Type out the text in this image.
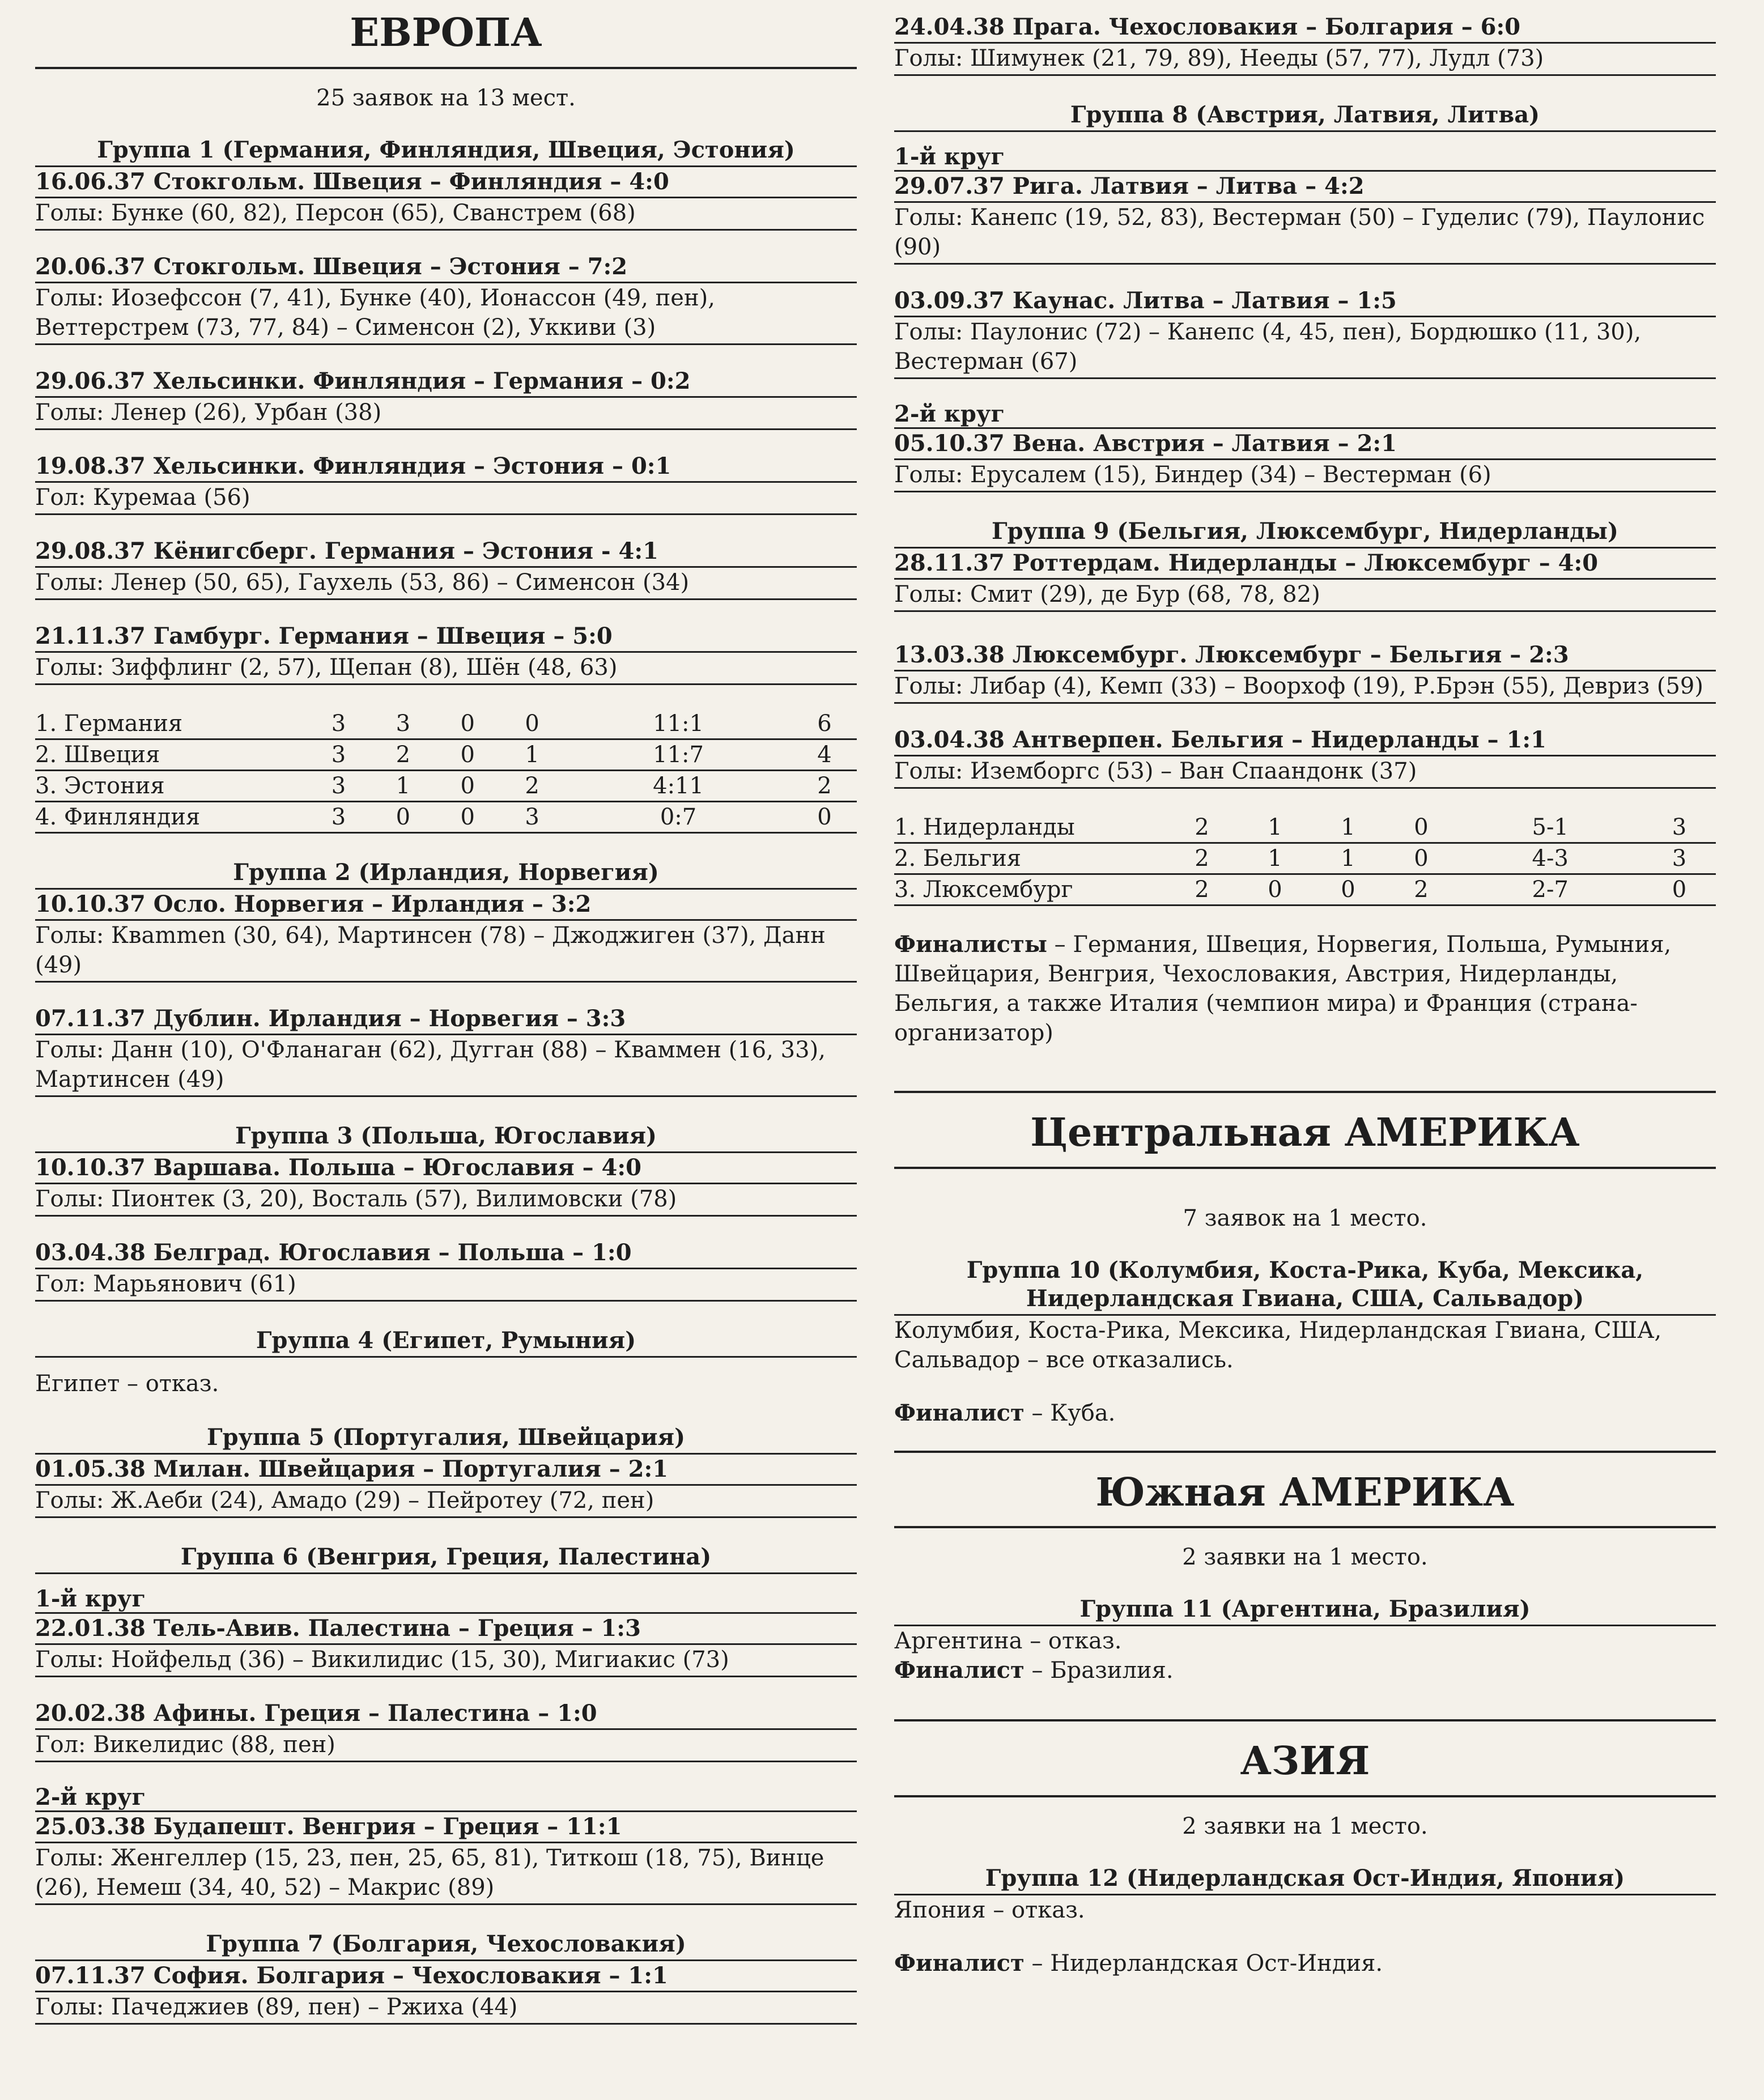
ЕВРОПА
25 заявок на 13 мест.
Группа 1 (Германия, Финляндия, Швеция, Эстония)
16.06.37 Стокгольм. Швеция – Финляндия – 4:0
Голы: Бунке (60, 82), Персон (65), Сванстрем (68)
20.06.37 Стокгольм. Швеция – Эстония – 7:2
Голы: Иозефссон (7, 41), Бунке (40), Ионассон (49, пен), Веттерстрем (73, 77, 84) – Сименсон (2), Уккиви (3)
29.06.37 Хельсинки. Финляндия – Германия – 0:2
Голы: Ленер (26), Урбан (38)
19.08.37 Хельсинки. Финляндия – Эстония – 0:1
Гол: Куремаа (56)
29.08.37 Кёнигсберг. Германия – Эстония - 4:1
Голы: Ленер (50, 65), Гаухель (53, 86) – Сименсон (34)
21.11.37 Гамбург. Германия – Швеция – 5:0
Голы: Зиффлинг (2, 57), Щепан (8), Шён (48, 63)
1. Германия	3	3	0	0	11:1	6
2. Швеция	3	2	0	1	11:7	4
3. Эстония	3	1	0	2	4:11	2
4. Финляндия	3	0	0	3	0:7	0
Группа 2 (Ирландия, Норвегия)
10.10.37 Осло. Норвегия – Ирландия – 3:2
Голы: Квammen (30, 64), Мартинсен (78) – Джоджиген (37), Данн (49)
07.11.37 Дублин. Ирландия – Норвегия – 3:3
Голы: Данн (10), О'Фланаган (62), Дугган (88) – Кваммен (16, 33), Мартинсен (49)
Группа 3 (Польша, Югославия)
10.10.37 Варшава. Польша – Югославия – 4:0
Голы: Пионтек (3, 20), Восталь (57), Вилимовски (78)
03.04.38 Белград. Югославия – Польша – 1:0
Гол: Марьянович (61)
Группа 4 (Египет, Румыния)
Египет – отказ.
Группа 5 (Португалия, Швейцария)
01.05.38 Милан. Швейцария – Португалия – 2:1
Голы: Ж.Аеби (24), Амадо (29) – Пейротеу (72, пен)
Группа 6 (Венгрия, Греция, Палестина)
1-й круг
22.01.38 Тель-Авив. Палестина – Греция – 1:3
Голы: Нойфельд (36) – Викилидис (15, 30), Мигиакис (73)
20.02.38 Афины. Греция – Палестина – 1:0
Гол: Викелидис (88, пен)
2-й круг
25.03.38 Будапешт. Венгрия – Греция – 11:1
Голы: Женгеллер (15, 23, пен, 25, 65, 81), Титкош (18, 75), Винце (26), Немеш (34, 40, 52) – Макрис (89)
Группа 7 (Болгария, Чехословакия)
07.11.37 София. Болгария – Чехословакия – 1:1
Голы: Пачеджиев (89, пен) – Ржиха (44)
24.04.38 Прага. Чехословакия – Болгария – 6:0
Голы: Шимунек (21, 79, 89), Нееды (57, 77), Лудл (73)
Группа 8 (Австрия, Латвия, Литва)
1-й круг
29.07.37 Рига. Латвия – Литва – 4:2
Голы: Канепс (19, 52, 83), Вестерман (50) – Гуделис (79), Паулонис (90)
03.09.37 Каунас. Литва – Латвия – 1:5
Голы: Паулонис (72) – Канепс (4, 45, пен), Бордюшко (11, 30), Вестерман (67)
2-й круг
05.10.37 Вена. Австрия – Латвия – 2:1
Голы: Ерусалем (15), Биндер (34) – Вестерман (6)
Группа 9 (Бельгия, Люксембург, Нидерланды)
28.11.37 Роттердам. Нидерланды – Люксембург – 4:0
Голы: Смит (29), де Бур (68, 78, 82)
13.03.38 Люксембург. Люксембург – Бельгия – 2:3
Голы: Либар (4), Кемп (33) – Воорхоф (19), Р.Брэн (55), Девриз (59)
03.04.38 Антверпен. Бельгия – Нидерланды – 1:1
Голы: Иземборгс (53) – Ван Спаандонк (37)
1. Нидерланды	2	1	1	0	5-1	3
2. Бельгия	2	1	1	0	4-3	3
3. Люксембург	2	0	0	2	2-7	0
Финалисты – Германия, Швеция, Норвегия, Польша, Румыния, Швейцария, Венгрия, Чехословакия, Австрия, Нидерланды, Бельгия, а также Италия (чемпион мира) и Франция (страна-организатор)
Центральная АМЕРИКА
7 заявок на 1 место.
Группа 10 (Колумбия, Коста-Рика, Куба, Мексика, Нидерландская Гвиана, США, Сальвадор)
Колумбия, Коста-Рика, Мексика, Нидерландская Гвиана, США, Сальвадор – все отказались.
Финалист – Куба.
Южная АМЕРИКА
2 заявки на 1 место.
Группа 11 (Аргентина, Бразилия)
Аргентина – отказ.
Финалист – Бразилия.
АЗИЯ
2 заявки на 1 место.
Группа 12 (Нидерландская Ост-Индия, Япония)
Япония – отказ.
Финалист – Нидерландская Ост-Индия.
